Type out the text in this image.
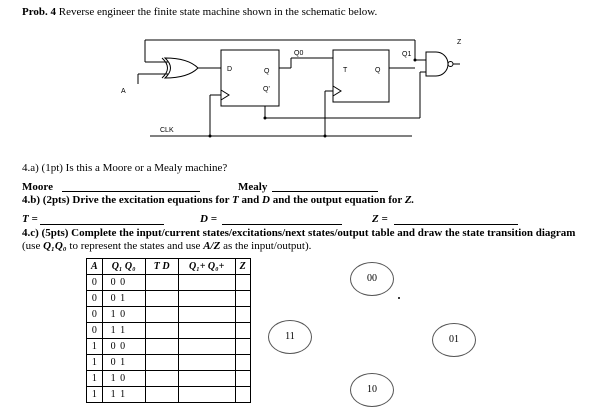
Prob. 4 Reverse engineer the finite state machine shown in the schematic below.
D	Q
Q'
Q0
T	Q
Q1
Z
A
CLK
4.a) (1pt) Is this a Moore or a Mealy machine?
Moore	Mealy
4.b) (2pts) Drive the excitation equations for T and D and the output equation for Z.
T =	D =	Z =
4.c) (5pts) Complete the input/current states/excitations/next states/output table and draw the state transition diagram
(use Q₁Q₀ to represent the states and use A/Z as the input/output).
A	Q₁ Q₀	T D	Q₁+ Q₀+	Z
0	0 0			
0	0 1			
0	1 0			
0	1 1			
1	0 0			
1	0 1			
1	1 0			
1	1 1			
00
11	01
10
